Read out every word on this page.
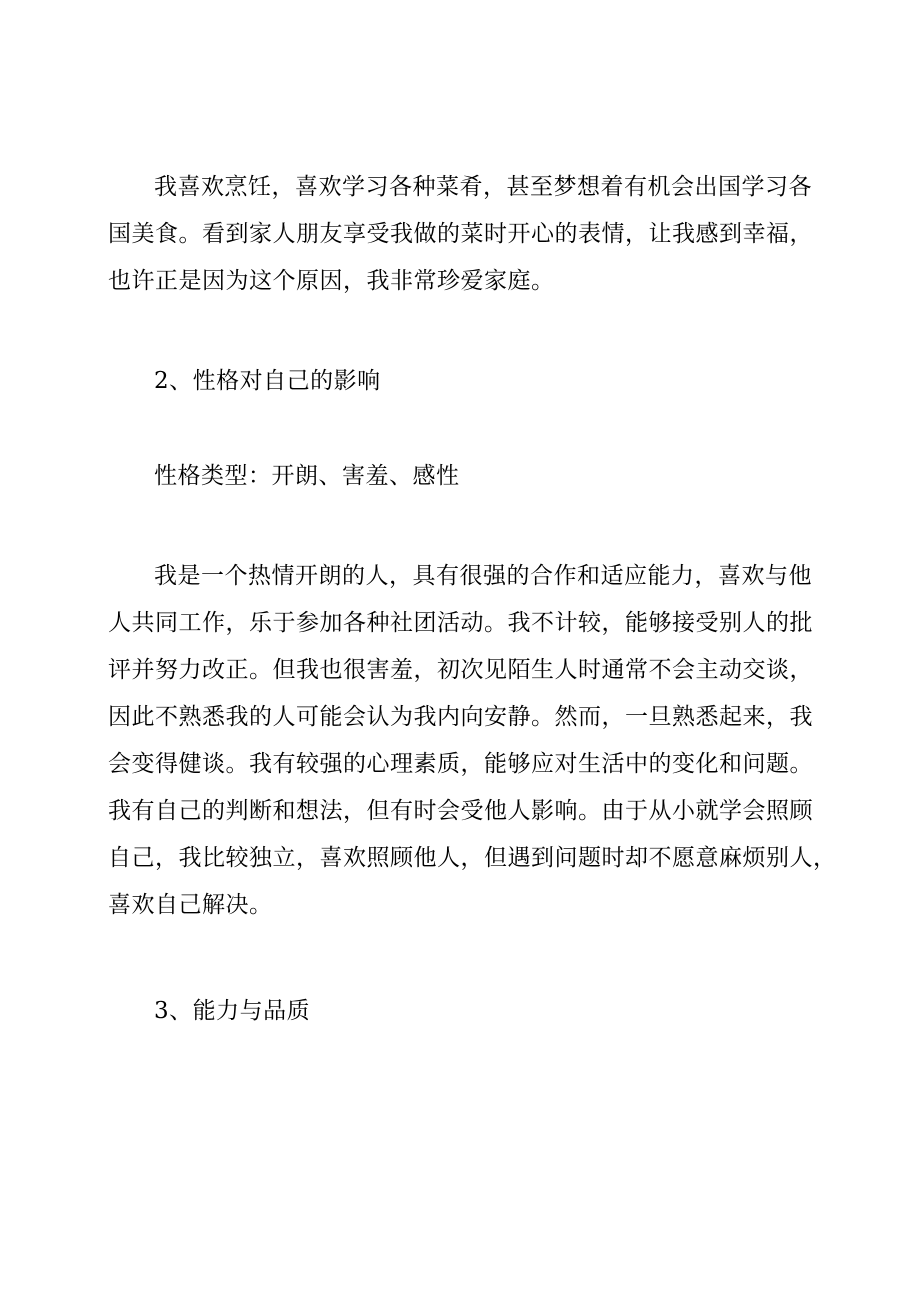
我喜欢烹饪，喜欢学习各种菜肴，甚至梦想着有机会出国学习各
国美食。看到家人朋友享受我做的菜时开心的表情，让我感到幸福，
也许正是因为这个原因，我非常珍爱家庭。
2、性格对自己的影响
性格类型：开朗、害羞、感性
我是一个热情开朗的人，具有很强的合作和适应能力，喜欢与他
人共同工作，乐于参加各种社团活动。我不计较，能够接受别人的批
评并努力改正。但我也很害羞，初次见陌生人时通常不会主动交谈，
因此不熟悉我的人可能会认为我内向安静。然而，一旦熟悉起来，我
会变得健谈。我有较强的心理素质，能够应对生活中的变化和问题。
我有自己的判断和想法，但有时会受他人影响。由于从小就学会照顾
自己，我比较独立，喜欢照顾他人，但遇到问题时却不愿意麻烦别人，
喜欢自己解决。
3、能力与品质
